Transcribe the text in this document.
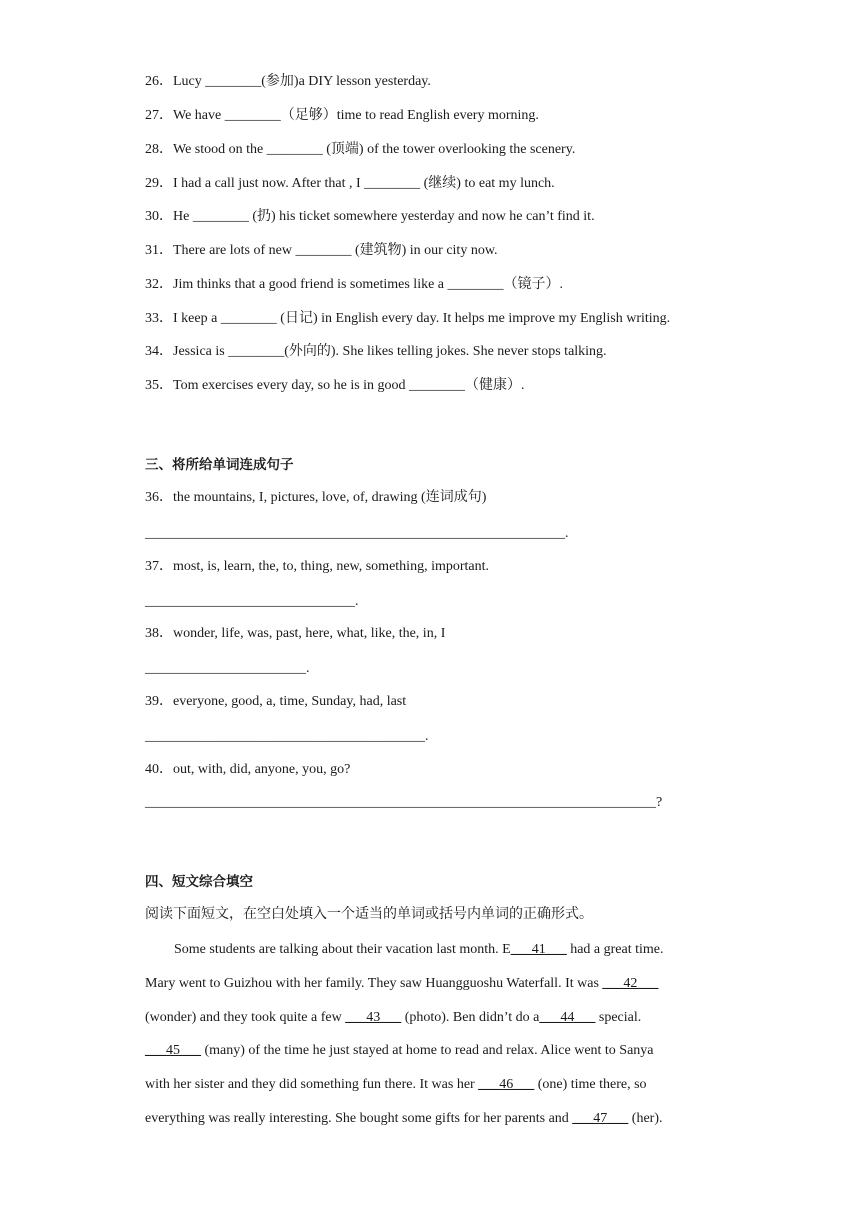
26．Lucy ________(参加)a DIY lesson yesterday.
27．We have ________（足够）time to read English every morning.
28．We stood on the ________ (顶端) of the tower overlooking the scenery.
29．I had a call just now. After that , I ________ (继续) to eat my lunch.
30．He ________ (扔) his ticket somewhere yesterday and now he can’t find it.
31．There are lots of new ________ (建筑物) in our city now.
32．Jim thinks that a good friend is sometimes like a ________（镜子）.
33．I keep a ________ (日记) in English every day. It helps me improve my English writing.
34．Jessica is ________(外向的). She likes telling jokes. She never stops talking.
35．Tom exercises every day, so he is in good ________（健康）.
三、将所给单词连成句子
36．the mountains, I, pictures, love, of, drawing (连词成句)
____________________________________________________________.
37．most, is, learn, the, to, thing, new, something, important.
______________________________.
38．wonder, life, was, past, here, what, like, the, in, I
_______________________.
39．everyone, good, a, time, Sunday, had, last
________________________________________.
40．out, with, did, anyone, you, go?
_________________________________________________________________________?
四、短文综合填空
阅读下面短文，在空白处填入一个适当的单词或括号内单词的正确形式。
Some students are talking about their vacation last month. E___41___ had a great time.
Mary went to Guizhou with her family. They saw Huangguoshu Waterfall. It was ___42___
(wonder) and they took quite a few ___43___ (photo). Ben didn’t do a___44___ special.
___45___ (many) of the time he just stayed at home to read and relax. Alice went to Sanya
with her sister and they did something fun there. It was her ___46___ (one) time there, so
everything was really interesting. She bought some gifts for her parents and ___47___ (her).
